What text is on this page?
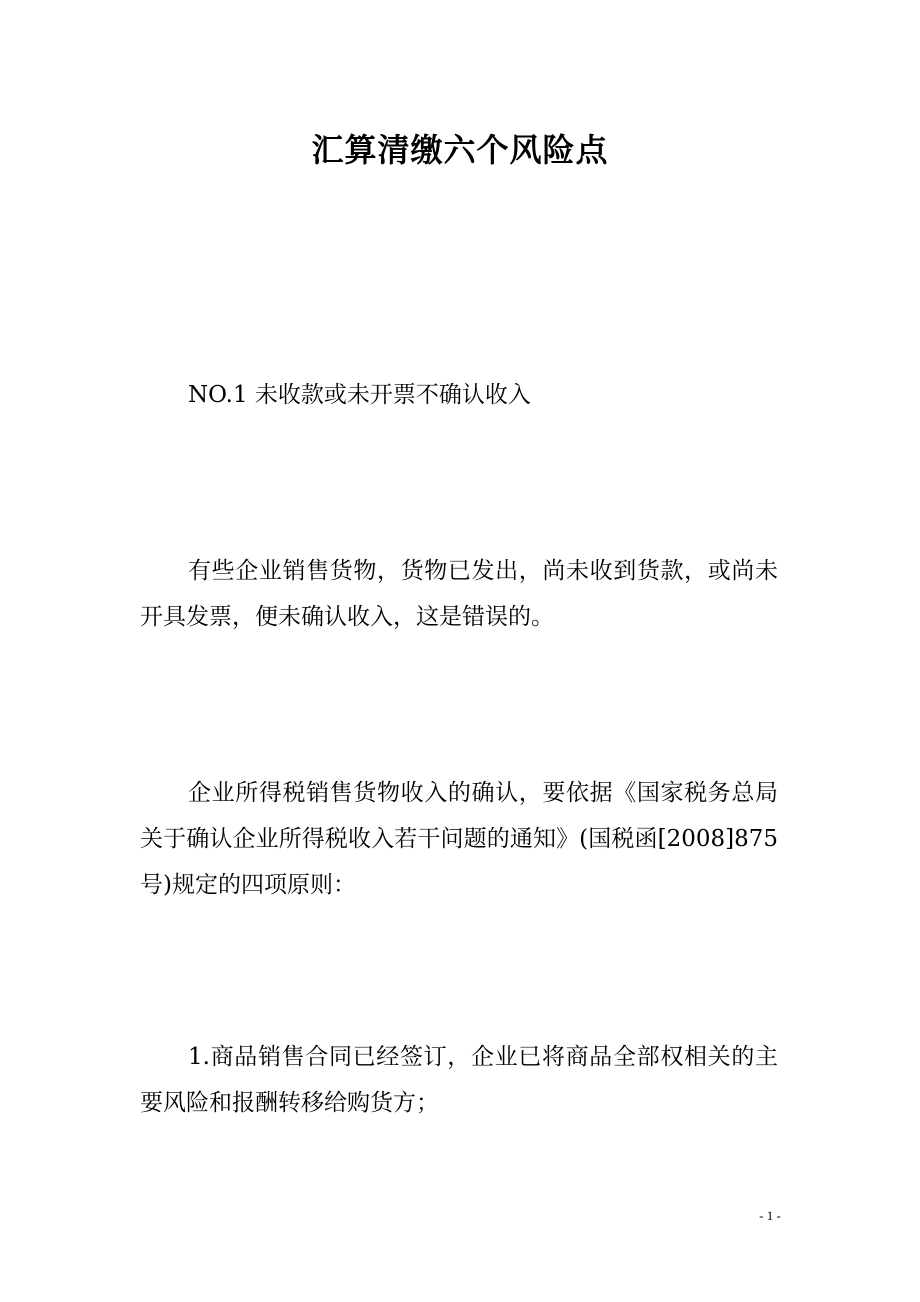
汇算清缴六个风险点
NO.1 未收款或未开票不确认收入
有些企业销售货物，货物已发出，尚未收到货款，或尚未开具发票，便未确认收入，这是错误的。
企业所得税销售货物收入的确认，要依据《国家税务总局关于确认企业所得税收入若干问题的通知》(国税函[2008]875 号)规定的四项原则：
1.商品销售合同已经签订，企业已将商品全部权相关的主要风险和报酬转移给购货方；
- 1 -
